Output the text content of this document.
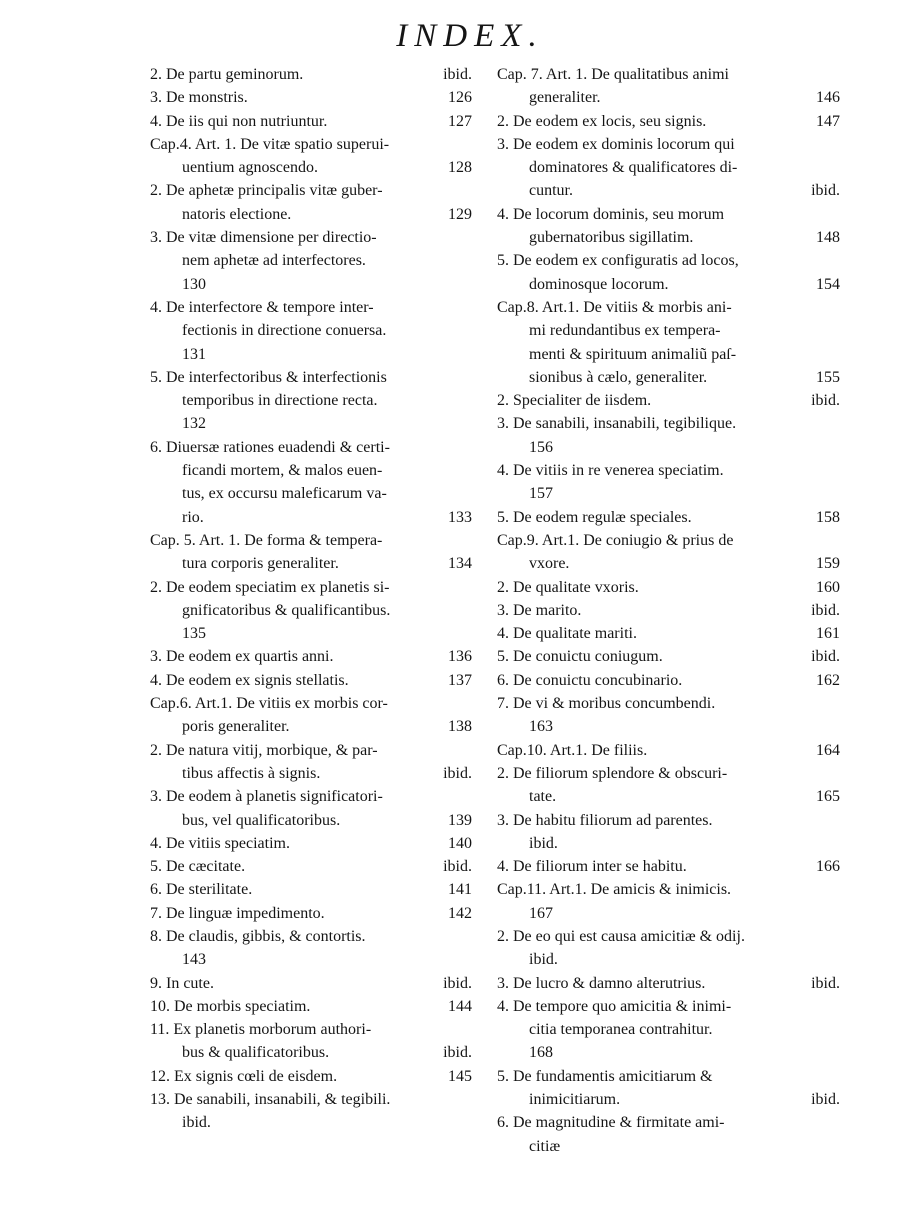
INDEX.
2. De partu geminorum.	ibid.
3. De monstris.	126
4. De iis qui non nutriuntur.	127
Cap.4. Art. 1. De vitæ spatio superui-
uentium agnoscendo.	128
2. De aphetæ principalis vitæ guber-
natoris electione.	129
3. De vitæ dimensione per directio-
nem aphetæ ad interfectores.
130
4. De interfectore & tempore inter-
fectionis in directione conuersa.
131
5. De interfectoribus & interfectionis
temporibus in directione recta.
132
6. Diuersæ rationes euadendi & certi-
ficandi mortem, & malos euen-
tus, ex occursu maleficarum va-
rio.	133
Cap. 5. Art. 1. De forma & tempera-
tura corporis generaliter.	134
2. De eodem speciatim ex planetis si-
gnificatoribus & qualificantibus.
135
3. De eodem ex quartis anni.	136
4. De eodem ex signis stellatis.	137
Cap.6. Art.1. De vitiis ex morbis cor-
poris generaliter.	138
2. De natura vitij, morbique, & par-
tibus affectis à signis.	ibid.
3. De eodem à planetis significatori-
bus, vel qualificatoribus.	139
4. De vitiis speciatim.	140
5. De cæcitate.	ibid.
6. De sterilitate.	141
7. De linguæ impedimento.	142
8. De claudis, gibbis, & contortis.
143
9. In cute.	ibid.
10. De morbis speciatim.	144
11. Ex planetis morborum authori-
bus & qualificatoribus.	ibid.
12. Ex signis cœli de eisdem.	145
13. De sanabili, insanabili, & tegibili.
ibid.
Cap. 7. Art. 1. De qualitatibus animi
generaliter.	146
2. De eodem ex locis, seu signis.	147
3. De eodem ex dominis locorum qui
dominatores & qualificatores di-
cuntur.	ibid.
4. De locorum dominis, seu morum
gubernatoribus sigillatim.	148
5. De eodem ex configuratis ad locos,
dominosque locorum.	154
Cap.8. Art.1. De vitiis & morbis ani-
mi redundantibus ex tempera-
menti & spirituum animaliũ paſ-
sionibus à cælo, generaliter.	155
2. Specialiter de iisdem.	ibid.
3. De sanabili, insanabili, tegibilique.
156
4. De vitiis in re venerea speciatim.
157
5. De eodem regulæ speciales.	158
Cap.9. Art.1. De coniugio & prius de
vxore.	159
2. De qualitate vxoris.	160
3. De marito.	ibid.
4. De qualitate mariti.	161
5. De conuictu coniugum.	ibid.
6. De conuictu concubinario.	162
7. De vi & moribus concumbendi.
163
Cap.10. Art.1. De filiis.	164
2. De filiorum splendore & obscuri-
tate.	165
3. De habitu filiorum ad parentes.
ibid.
4. De filiorum inter se habitu.	166
Cap.11. Art.1. De amicis & inimicis.
167
2. De eo qui est causa amicitiæ & odij.
ibid.
3. De lucro & damno alterutrius.	ibid.
4. De tempore quo amicitia & inimi-
citia temporanea contrahitur.
168
5. De fundamentis amicitiarum &
inimicitiarum.	ibid.
6. De magnitudine & firmitate ami-
citiæ
